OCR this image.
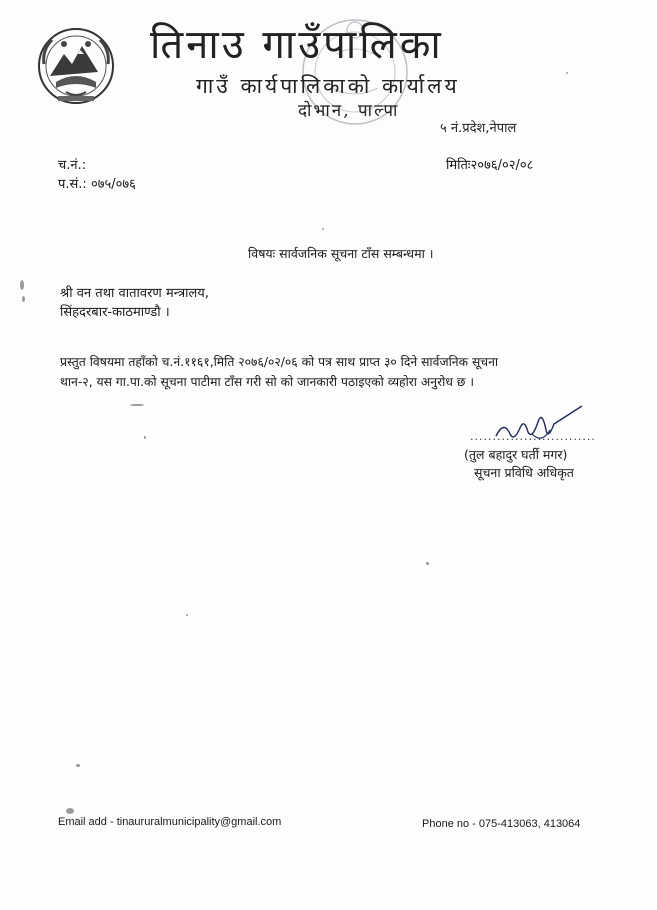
तिनाउ गाउँपालिका
गाउँ कार्यपालिकाको कार्यालय
दोभान, पाल्पा
५ नं.प्रदेश,नेपाल
च.नं.:
प.सं.: ०७५/०७६
मितिः२०७६/०२/०८
विषयः सार्वजनिक सूचना टाँस सम्बन्धमा ।
श्री वन तथा वातावरण मन्त्रालय,
सिंहदरबार-काठमाण्डौ ।
प्रस्तुत विषयमा तहाँको च.नं.११६१,मिति २०७६/०२/०६ को पत्र साथ प्राप्त ३० दिने सार्वजनिक सूचना
थान-२, यस गा.पा.को सूचना पाटीमा टाँस गरी सो को जानकारी पठाइएको व्यहोरा अनुरोध छ ।
............................
(तुल बहादुर घर्ती मगर)
सूचना प्रविधि अधिकृत
Email add - tinaururalmunicipality@gmail.com	Phone no - 075-413063, 413064
